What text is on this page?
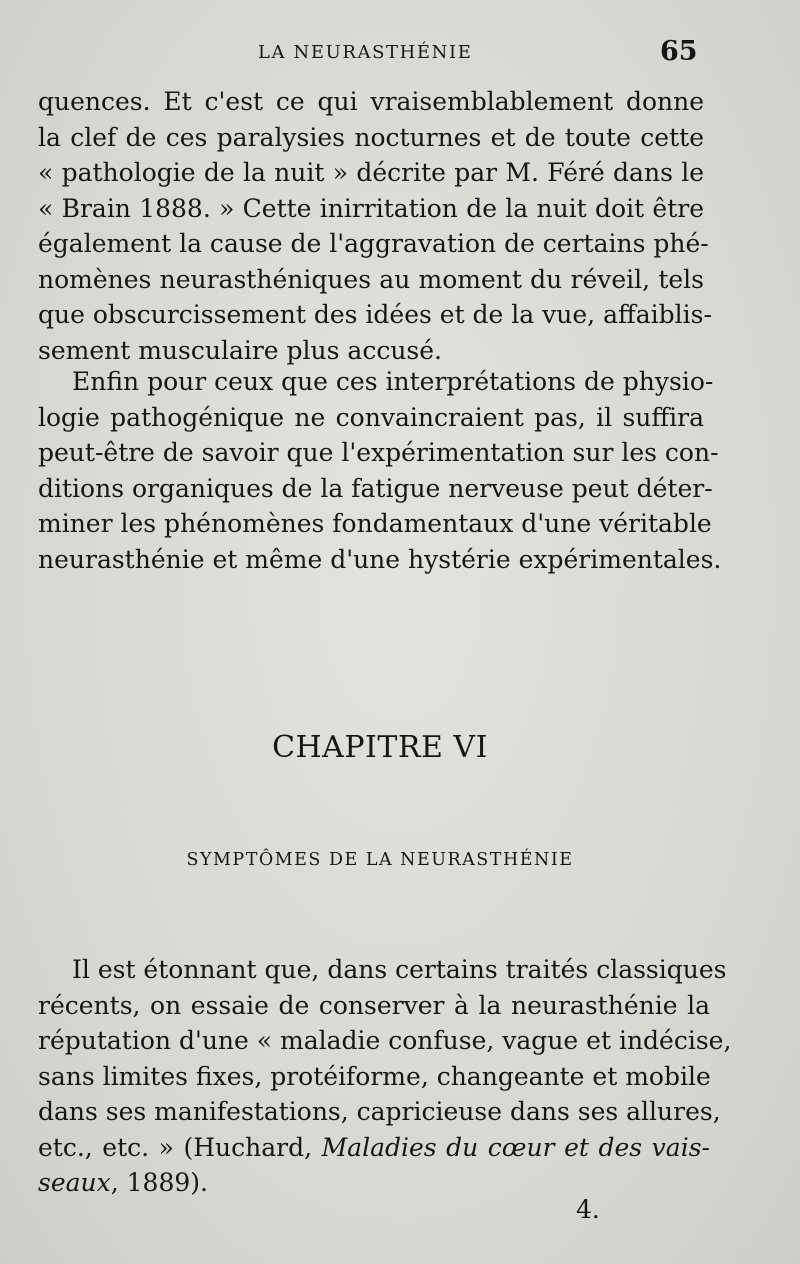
LA NEURASTHÉNIE	65
quences. Et c'est ce qui vraisemblablement donne
la clef de ces paralysies nocturnes et de toute cette
« pathologie de la nuit » décrite par M. Féré dans le
« Brain 1888. » Cette inirritation de la nuit doit être
également la cause de l'aggravation de certains phé-
nomènes neurasthéniques au moment du réveil, tels
que obscurcissement des idées et de la vue, affaiblis-
sement musculaire plus accusé.
Enfin pour ceux que ces interprétations de physio-
logie pathogénique ne convaincraient pas, il suffira
peut-être de savoir que l'expérimentation sur les con-
ditions organiques de la fatigue nerveuse peut déter-
miner les phénomènes fondamentaux d'une véritable
neurasthénie et même d'une hystérie expérimentales.
CHAPITRE VI
SYMPTÔMES DE LA NEURASTHÉNIE
Il est étonnant que, dans certains traités classiques
récents, on essaie de conserver à la neurasthénie la
réputation d'une « maladie confuse, vague et indécise,
sans limites fixes, protéiforme, changeante et mobile
dans ses manifestations, capricieuse dans ses allures,
etc., etc. » (Huchard, Maladies du cœur et des vais-
seaux, 1889).
4.
